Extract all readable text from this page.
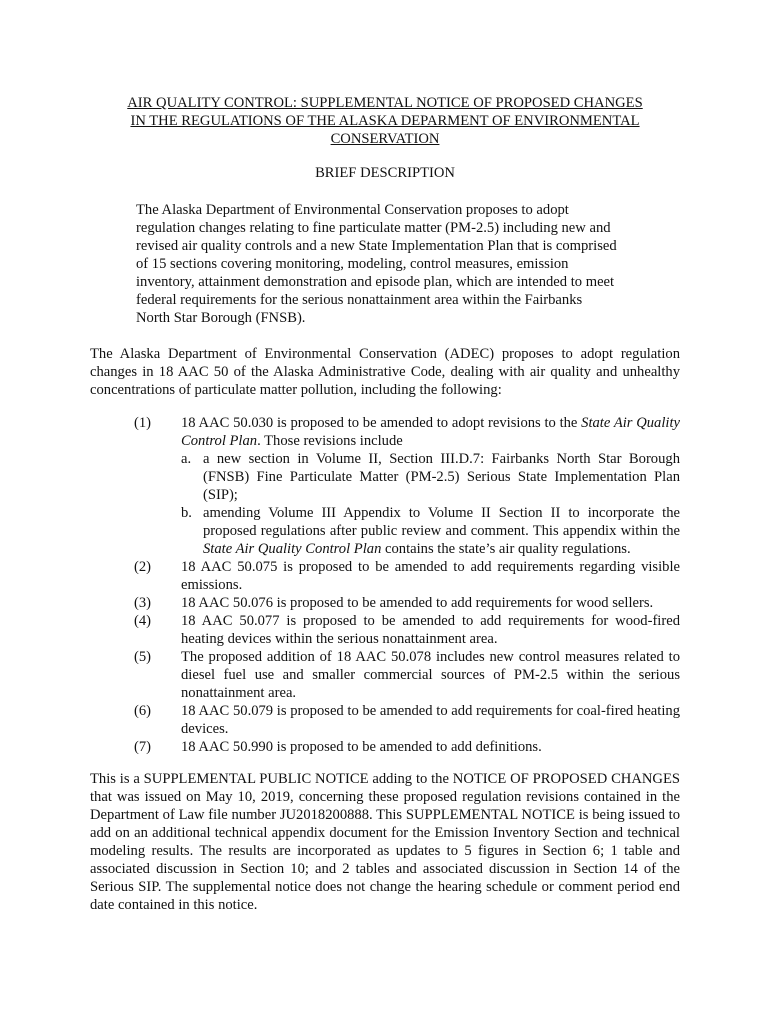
AIR QUALITY CONTROL: SUPPLEMENTAL NOTICE OF PROPOSED CHANGES
IN THE REGULATIONS OF THE ALASKA DEPARMENT OF ENVIRONMENTAL
CONSERVATION
BRIEF DESCRIPTION
The Alaska Department of Environmental Conservation proposes to adopt
regulation changes relating to fine particulate matter (PM-2.5) including new and
revised air quality controls and a new State Implementation Plan that is comprised
of 15 sections covering monitoring, modeling, control measures, emission
inventory, attainment demonstration and episode plan, which are intended to meet
federal requirements for the serious nonattainment area within the Fairbanks
North Star Borough (FNSB).
The Alaska Department of Environmental Conservation (ADEC) proposes to adopt regulation changes in 18 AAC 50 of the Alaska Administrative Code, dealing with air quality and unhealthy concentrations of particulate matter pollution, including the following:
(1) 18 AAC 50.030 is proposed to be amended to adopt revisions to the State Air Quality Control Plan. Those revisions include
a. a new section in Volume II, Section III.D.7: Fairbanks North Star Borough (FNSB) Fine Particulate Matter (PM-2.5) Serious State Implementation Plan (SIP);
b. amending Volume III Appendix to Volume II Section II to incorporate the proposed regulations after public review and comment. This appendix within the State Air Quality Control Plan contains the state’s air quality regulations.
(2) 18 AAC 50.075 is proposed to be amended to add requirements regarding visible emissions.
(3) 18 AAC 50.076 is proposed to be amended to add requirements for wood sellers.
(4) 18 AAC 50.077 is proposed to be amended to add requirements for wood-fired heating devices within the serious nonattainment area.
(5) The proposed addition of 18 AAC 50.078 includes new control measures related to diesel fuel use and smaller commercial sources of PM-2.5 within the serious nonattainment area.
(6) 18 AAC 50.079 is proposed to be amended to add requirements for coal-fired heating devices.
(7) 18 AAC 50.990 is proposed to be amended to add definitions.
This is a SUPPLEMENTAL PUBLIC NOTICE adding to the NOTICE OF PROPOSED CHANGES that was issued on May 10, 2019, concerning these proposed regulation revisions contained in the Department of Law file number JU2018200888. This SUPPLEMENTAL NOTICE is being issued to add on an additional technical appendix document for the Emission Inventory Section and technical modeling results. The results are incorporated as updates to 5 figures in Section 6; 1 table and associated discussion in Section 10; and 2 tables and associated discussion in Section 14 of the Serious SIP. The supplemental notice does not change the hearing schedule or comment period end date contained in this notice.
